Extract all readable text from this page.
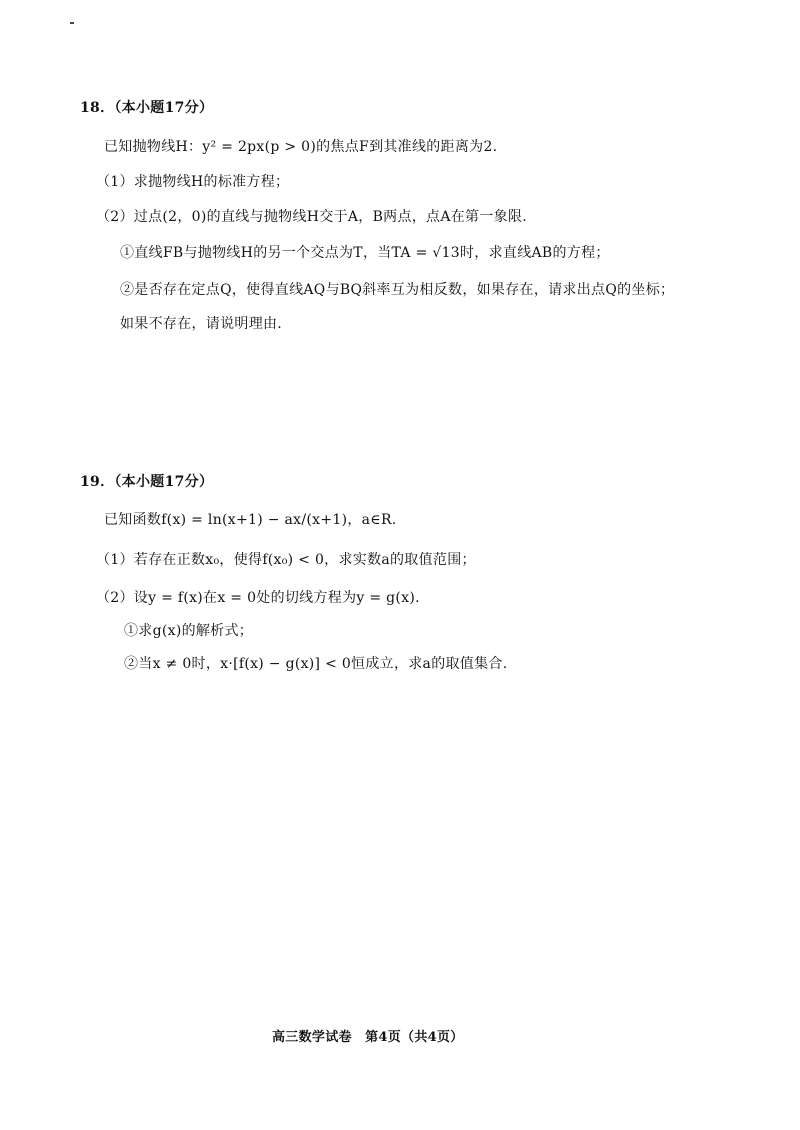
18．（本小题17分）
已知抛物线H：y² = 2px(p > 0)的焦点F到其准线的距离为2.
（1）求抛物线H的标准方程；
（2）过点(2，0)的直线与抛物线H交于A，B两点，点A在第一象限.
①直线FB与抛物线H的另一个交点为T，当TA = √13时，求直线AB的方程；
②是否存在定点Q，使得直线AQ与BQ斜率互为相反数，如果存在，请求出点Q的坐标；
如果不存在，请说明理由.
19．（本小题17分）
已知函数f(x) = ln(x+1) − ax/(x+1)，a∈R.
（1）若存在正数x₀，使得f(x₀) < 0，求实数a的取值范围；
（2）设y = f(x)在x = 0处的切线方程为y = g(x).
①求g(x)的解析式；
②当x ≠ 0时，x·[f(x) − g(x)] < 0恒成立，求a的取值集合.
高三数学试卷　第4页（共4页）
